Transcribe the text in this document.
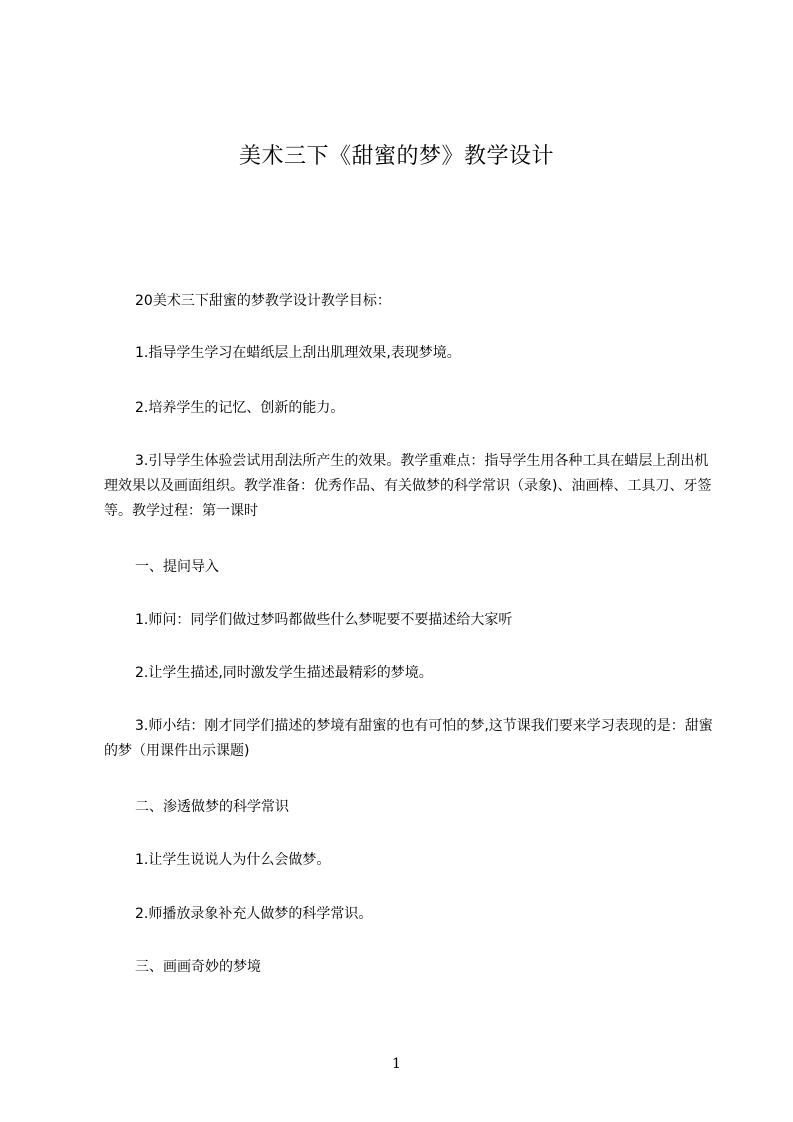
美术三下《甜蜜的梦》教学设计

20美术三下甜蜜的梦教学设计教学目标：

1.指导学生学习在蜡纸层上刮出肌理效果,表现梦境。

2.培养学生的记忆、创新的能力。

3.引导学生体验尝试用刮法所产生的效果。教学重难点：指导学生用各种工具在蜡层上刮出机理效果以及画面组织。教学准备：优秀作品、有关做梦的科学常识（录象)、油画棒、工具刀、牙签等。教学过程：第一课时

一、提问导入

1.师问：同学们做过梦吗都做些什么梦呢要不要描述给大家听

2.让学生描述,同时激发学生描述最精彩的梦境。

3.师小结：刚才同学们描述的梦境有甜蜜的也有可怕的梦,这节课我们要来学习表现的是：甜蜜的梦（用课件出示课题)

二、渗透做梦的科学常识

1.让学生说说人为什么会做梦。

2.师播放录象补充人做梦的科学常识。

三、画画奇妙的梦境

1
